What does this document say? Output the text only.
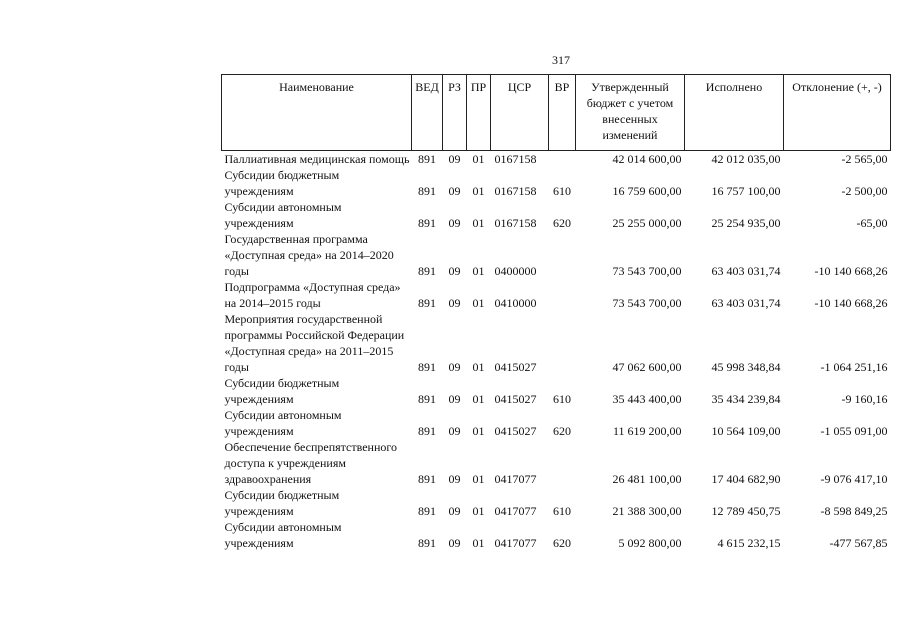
317
Наименование	ВЕД	РЗ	ПР	ЦСР	ВР	Утвержденный бюджет с учетом внесенных изменений	Исполнено	Отклонение (+, -)
Паллиативная медицинская помощь	891	09	01	0167158		42 014 600,00	42 012 035,00	-2 565,00
Субсидии бюджетным учреждениям	891	09	01	0167158	610	16 759 600,00	16 757 100,00	-2 500,00
Субсидии автономным учреждениям	891	09	01	0167158	620	25 255 000,00	25 254 935,00	-65,00
Государственная программа «Доступная среда» на 2014–2020 годы	891	09	01	0400000		73 543 700,00	63 403 031,74	-10 140 668,26
Подпрограмма «Доступная среда» на 2014–2015 годы	891	09	01	0410000		73 543 700,00	63 403 031,74	-10 140 668,26
Мероприятия государственной программы Российской Федерации «Доступная среда» на 2011–2015 годы	891	09	01	0415027		47 062 600,00	45 998 348,84	-1 064 251,16
Субсидии бюджетным учреждениям	891	09	01	0415027	610	35 443 400,00	35 434 239,84	-9 160,16
Субсидии автономным учреждениям	891	09	01	0415027	620	11 619 200,00	10 564 109,00	-1 055 091,00
Обеспечение беспрепятственного доступа к учреждениям здравоохранения	891	09	01	0417077		26 481 100,00	17 404 682,90	-9 076 417,10
Субсидии бюджетным учреждениям	891	09	01	0417077	610	21 388 300,00	12 789 450,75	-8 598 849,25
Субсидии автономным учреждениям	891	09	01	0417077	620	5 092 800,00	4 615 232,15	-477 567,85
